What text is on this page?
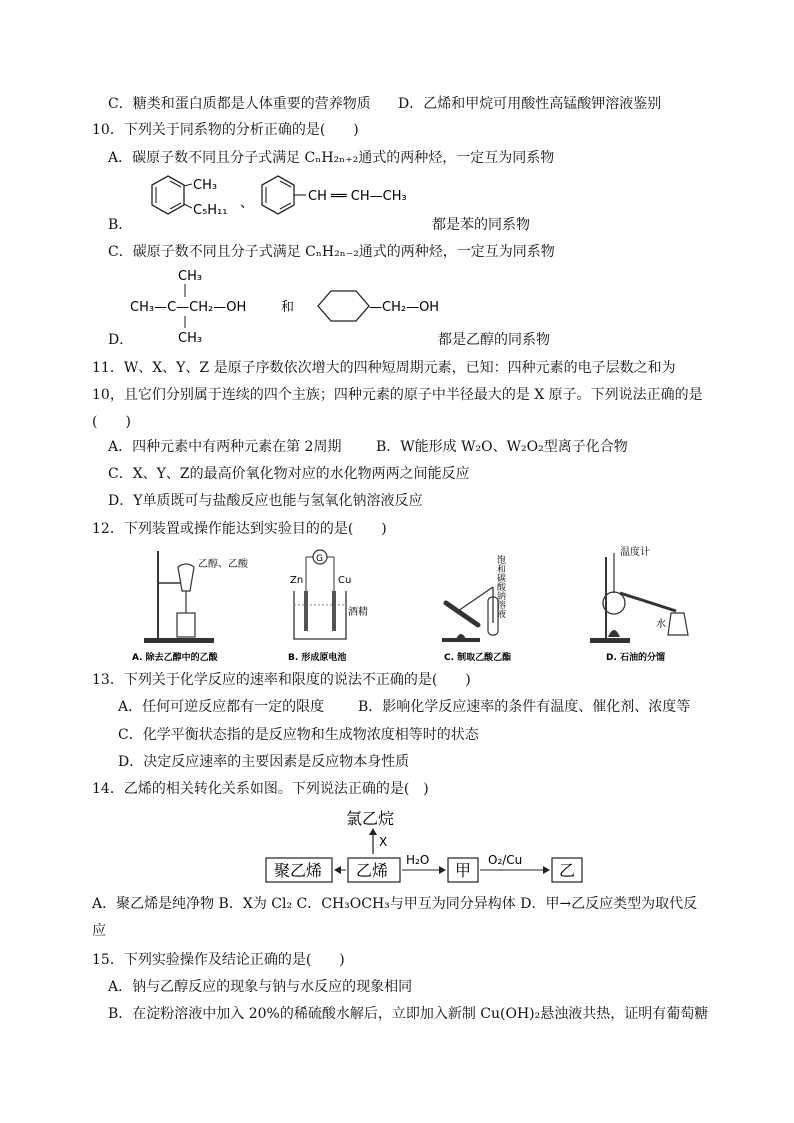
C．糖类和蛋白质都是人体重要的营养物质 D．乙烯和甲烷可用酸性高锰酸钾溶液鉴别
10．下列关于同系物的分析正确的是(　　)
A．碳原子数不同且分子式满足 CₙH₂ₙ₊₂通式的两种烃，一定互为同系物
B．
CH₃
C₅H₁₁ 、	CH ══ CH—CH₃
都是苯的同系物
C．碳原子数不同且分子式满足 CₙH₂ₙ₋₂通式的两种烃，一定互为同系物
D．
CH₃
CH₃—C—CH₂—OH
CH₃
和	—CH₂—OH
都是乙醇的同系物
11．W、X、Y、Z 是原子序数依次增大的四种短周期元素，已知：四种元素的电子层数之和为
10，且它们分别属于连续的四个主族；四种元素的原子中半径最大的是 X 原子。下列说法正确的是
(　　)
A．四种元素中有两种元素在第 2周期 B．W能形成 W₂O、W₂O₂型离子化合物
C．X、Y、Z的最高价氧化物对应的水化物两两之间能反应
D．Y单质既可与盐酸反应也能与氢氧化钠溶液反应
12．下列装置或操作能达到实验目的的是(　　)
乙醇、乙酸
A. 除去乙醇中的乙酸
G
Zn	Cu
酒精
B. 形成原电池
饱和碳酸钠溶液
C. 制取乙酸乙酯
温度计
水
D. 石油的分馏
13．下列关于化学反应的速率和限度的说法不正确的是(　　)
A．任何可逆反应都有一定的限度 B．影响化学反应速率的条件有温度、催化剂、浓度等
C．化学平衡状态指的是反应物和生成物浓度相等时的状态
D．决定反应速率的主要因素是反应物本身性质
14．乙烯的相关转化关系如图。下列说法正确的是(　)
氯乙烷
X
聚乙烯 乙烯
H₂O
甲
O₂/Cu
乙
A．聚乙烯是纯净物 B．X为 Cl₂ C．CH₃OCH₃与甲互为同分异构体 D．甲→乙反应类型为取代反
应
15．下列实验操作及结论正确的是(　　)
A．钠与乙醇反应的现象与钠与水反应的现象相同
B．在淀粉溶液中加入 20%的稀硫酸水解后，立即加入新制 Cu(OH)₂悬浊液共热，证明有葡萄糖
